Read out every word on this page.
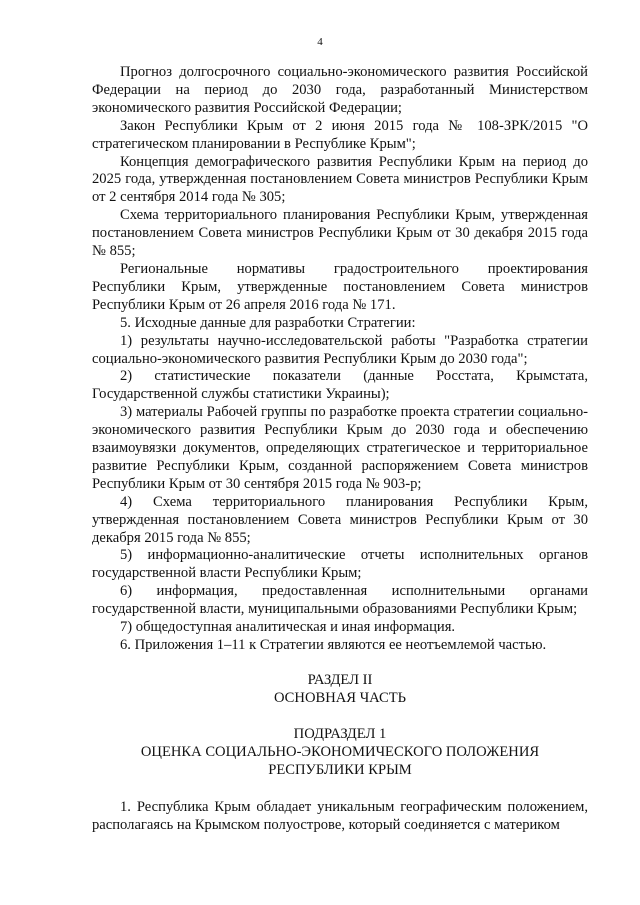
4

Прогноз долгосрочного социально-экономического развития Российской Федерации на период до 2030 года, разработанный Министерством экономического развития Российской Федерации;

Закон Республики Крым от 2 июня 2015 года № 108-ЗРК/2015 "О стратегическом планировании в Республике Крым";

Концепция демографического развития Республики Крым на период до 2025 года, утвержденная постановлением Совета министров Республики Крым от 2 сентября 2014 года № 305;

Схема территориального планирования Республики Крым, утвержденная постановлением Совета министров Республики Крым от 30 декабря 2015 года № 855;

Региональные нормативы градостроительного проектирования Республики Крым, утвержденные постановлением Совета министров Республики Крым от 26 апреля 2016 года № 171.

5. Исходные данные для разработки Стратегии:

1) результаты научно-исследовательской работы "Разработка стратегии социально-экономического развития Республики Крым до 2030 года";

2) статистические показатели (данные Росстата, Крымстата, Государственной службы статистики Украины);

3) материалы Рабочей группы по разработке проекта стратегии социально-экономического развития Республики Крым до 2030 года и обеспечению взаимоувязки документов, определяющих стратегическое и территориальное развитие Республики Крым, созданной распоряжением Совета министров Республики Крым от 30 сентября 2015 года № 903-р;

4) Схема территориального планирования Республики Крым, утвержденная постановлением Совета министров Республики Крым от 30 декабря 2015 года № 855;

5) информационно-аналитические отчеты исполнительных органов государственной власти Республики Крым;

6) информация, предоставленная исполнительными органами государственной власти, муниципальными образованиями Республики Крым;

7) общедоступная аналитическая и иная информация.

6. Приложения 1–11 к Стратегии являются ее неотъемлемой частью.

РАЗДЕЛ II
ОСНОВНАЯ ЧАСТЬ
ПОДРАЗДЕЛ 1
ОЦЕНКА СОЦИАЛЬНО-ЭКОНОМИЧЕСКОГО ПОЛОЖЕНИЯ
РЕСПУБЛИКИ КРЫМ

1. Республика Крым обладает уникальным географическим положением, располагаясь на Крымском полуострове, который соединяется с материком
